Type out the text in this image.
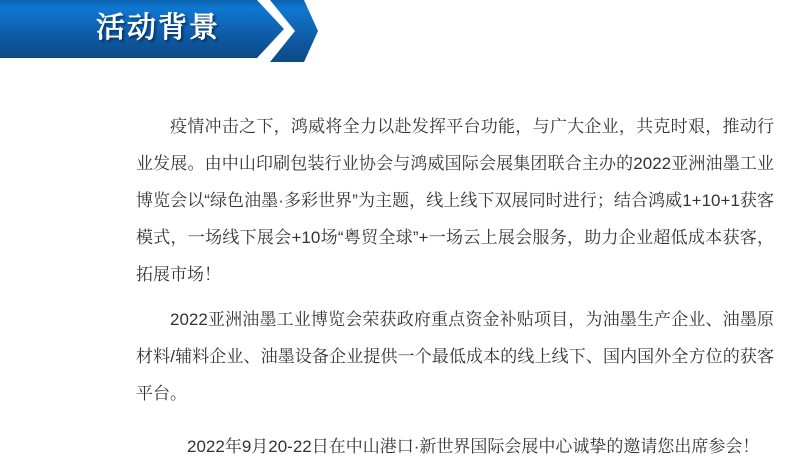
活动背景

疫情冲击之下，鸿威将全力以赴发挥平台功能，与广大企业，共克时艰，推动行业发展。由中山印刷包装行业协会与鸿威国际会展集团联合主办的2022亚洲油墨工业博览会以“绿色油墨·多彩世界”为主题，线上线下双展同时进行；结合鸿威1+10+1获客模式，一场线下展会+10场“粤贸全球”+一场云上展会服务，助力企业超低成本获客，拓展市场！

2022亚洲油墨工业博览会荣获政府重点资金补贴项目，为油墨生产企业、油墨原材料/辅料企业、油墨设备企业提供一个最低成本的线上线下、国内国外全方位的获客平台。

2022年9月20-22日在中山港口·新世界国际会展中心诚挚的邀请您出席参会！
